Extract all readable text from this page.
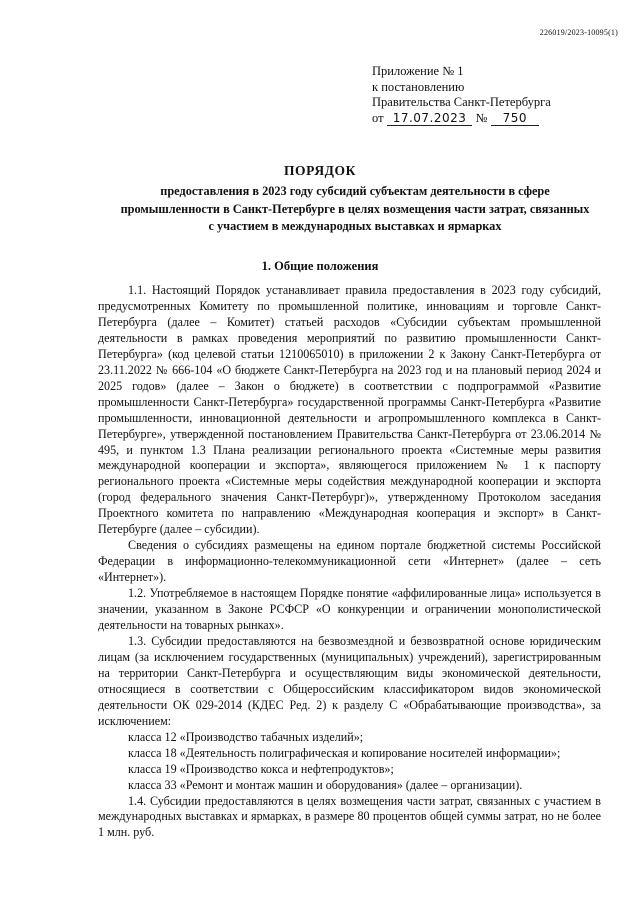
226019/2023-10095(1)
Приложение № 1
к постановлению
Правительства Санкт-Петербурга
от 17.07.2023 № 750
ПОРЯДОК
предоставления в 2023 году субсидий субъектам деятельности в сфере промышленности в Санкт-Петербурге в целях возмещения части затрат, связанных с участием в международных выставках и ярмарках
1. Общие положения

1.1. Настоящий Порядок устанавливает правила предоставления в 2023 году субсидий, предусмотренных Комитету по промышленной политике, инновациям и торговле Санкт-Петербурга (далее – Комитет) статьей расходов «Субсидии субъектам промышленной деятельности в рамках проведения мероприятий по развитию промышленности Санкт-Петербурга» (код целевой статьи 1210065010) в приложении 2 к Закону Санкт-Петербурга от 23.11.2022 № 666-104 «О бюджете Санкт-Петербурга на 2023 год и на плановый период 2024 и 2025 годов» (далее – Закон о бюджете) в соответствии с подпрограммой «Развитие промышленности Санкт-Петербурга» государственной программы Санкт-Петербурга «Развитие промышленности, инновационной деятельности и агропромышленного комплекса в Санкт-Петербурге», утвержденной постановлением Правительства Санкт-Петербурга от 23.06.2014 № 495, и пунктом 1.3 Плана реализации регионального проекта «Системные меры развития международной кооперации и экспорта», являющегося приложением № 1 к паспорту регионального проекта «Системные меры содействия международной кооперации и экспорта (город федерального значения Санкт-Петербург)», утвержденному Протоколом заседания Проектного комитета по направлению «Международная кооперация и экспорт» в Санкт-Петербурге (далее – субсидии).

Сведения о субсидиях размещены на едином портале бюджетной системы Российской Федерации в информационно-телекоммуникационной сети «Интернет» (далее – сеть «Интернет»).

1.2. Употребляемое в настоящем Порядке понятие «аффилированные лица» используется в значении, указанном в Законе РСФСР «О конкуренции и ограничении монополистической деятельности на товарных рынках».

1.3. Субсидии предоставляются на безвозмездной и безвозвратной основе юридическим лицам (за исключением государственных (муниципальных) учреждений), зарегистрированным на территории Санкт-Петербурга и осуществляющим виды экономической деятельности, относящиеся в соответствии с Общероссийским классификатором видов экономической деятельности ОК 029-2014 (КДЕС Ред. 2) к разделу С «Обрабатывающие производства», за исключением:

класса 12 «Производство табачных изделий»;

класса 18 «Деятельность полиграфическая и копирование носителей информации»;

класса 19 «Производство кокса и нефтепродуктов»;

класса 33 «Ремонт и монтаж машин и оборудования» (далее – организации).

1.4. Субсидии предоставляются в целях возмещения части затрат, связанных с участием в международных выставках и ярмарках, в размере 80 процентов общей суммы затрат, но не более 1 млн. руб.
